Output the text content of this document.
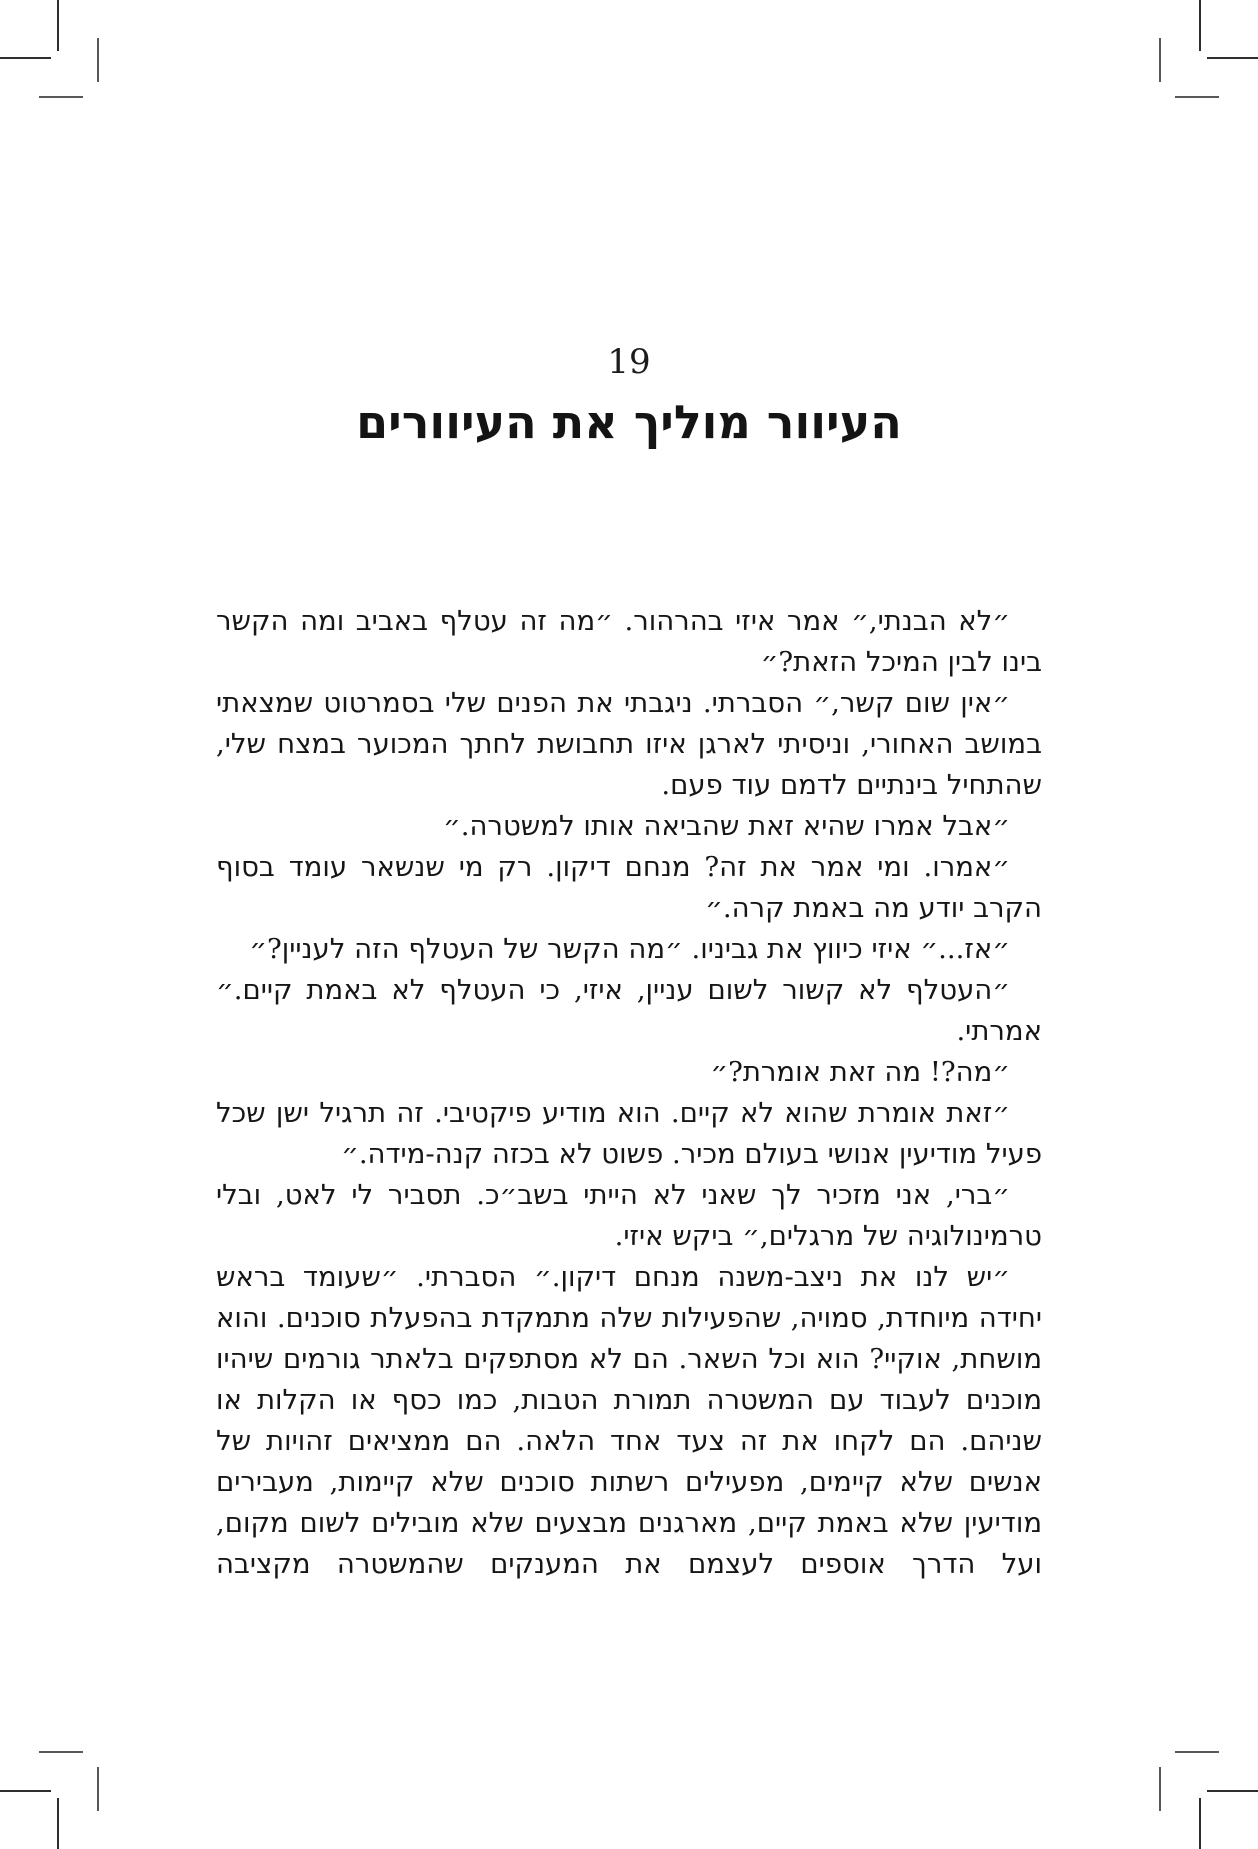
19
העיוור מוליך את העיוורים

״לא הבנתי,״ אמר איזי בהרהור. ״מה זה עטלף באביב ומה הקשר בינו לבין המיכל הזאת?״

״אין שום קשר,״ הסברתי. ניגבתי את הפנים שלי בסמרטוט שמצאתי במושב האחורי, וניסיתי לארגן איזו תחבושת לחתך המכוער במצח שלי, שהתחיל בינתיים לדמם עוד פעם.

״אבל אמרו שהיא זאת שהביאה אותו למשטרה.״

״אמרו. ומי אמר את זה? מנחם דיקון. רק מי שנשאר עומד בסוף הקרב יודע מה באמת קרה.״

״אז...״ איזי כיווץ את גביניו. ״מה הקשר של העטלף הזה לעניין?״

״העטלף לא קשור לשום עניין, איזי, כי העטלף לא באמת קיים.״ אמרתי.

״מה?! מה זאת אומרת?״

״זאת אומרת שהוא לא קיים. הוא מודיע פיקטיבי. זה תרגיל ישן שכל פעיל מודיעין אנושי בעולם מכיר. פשוט לא בכזה קנה-מידה.״

״ברי, אני מזכיר לך שאני לא הייתי בשב״כ. תסביר לי לאט, ובלי טרמינולוגיה של מרגלים,״ ביקש איזי.

״יש לנו את ניצב-משנה מנחם דיקון.״ הסברתי. ״שעומד בראש יחידה מיוחדת, סמויה, שהפעילות שלה מתמקדת בהפעלת סוכנים. והוא מושחת, אוקיי? הוא וכל השאר. הם לא מסתפקים בלאתר גורמים שיהיו מוכנים לעבוד עם המשטרה תמורת הטבות, כמו כסף או הקלות או שניהם. הם לקחו את זה צעד אחד הלאה. הם ממציאים זהויות של אנשים שלא קיימים, מפעילים רשתות סוכנים שלא קיימות, מעבירים מודיעין שלא באמת קיים, מארגנים מבצעים שלא מובילים לשום מקום, ועל הדרך אוספים לעצמם את המענקים שהמשטרה מקציבה
